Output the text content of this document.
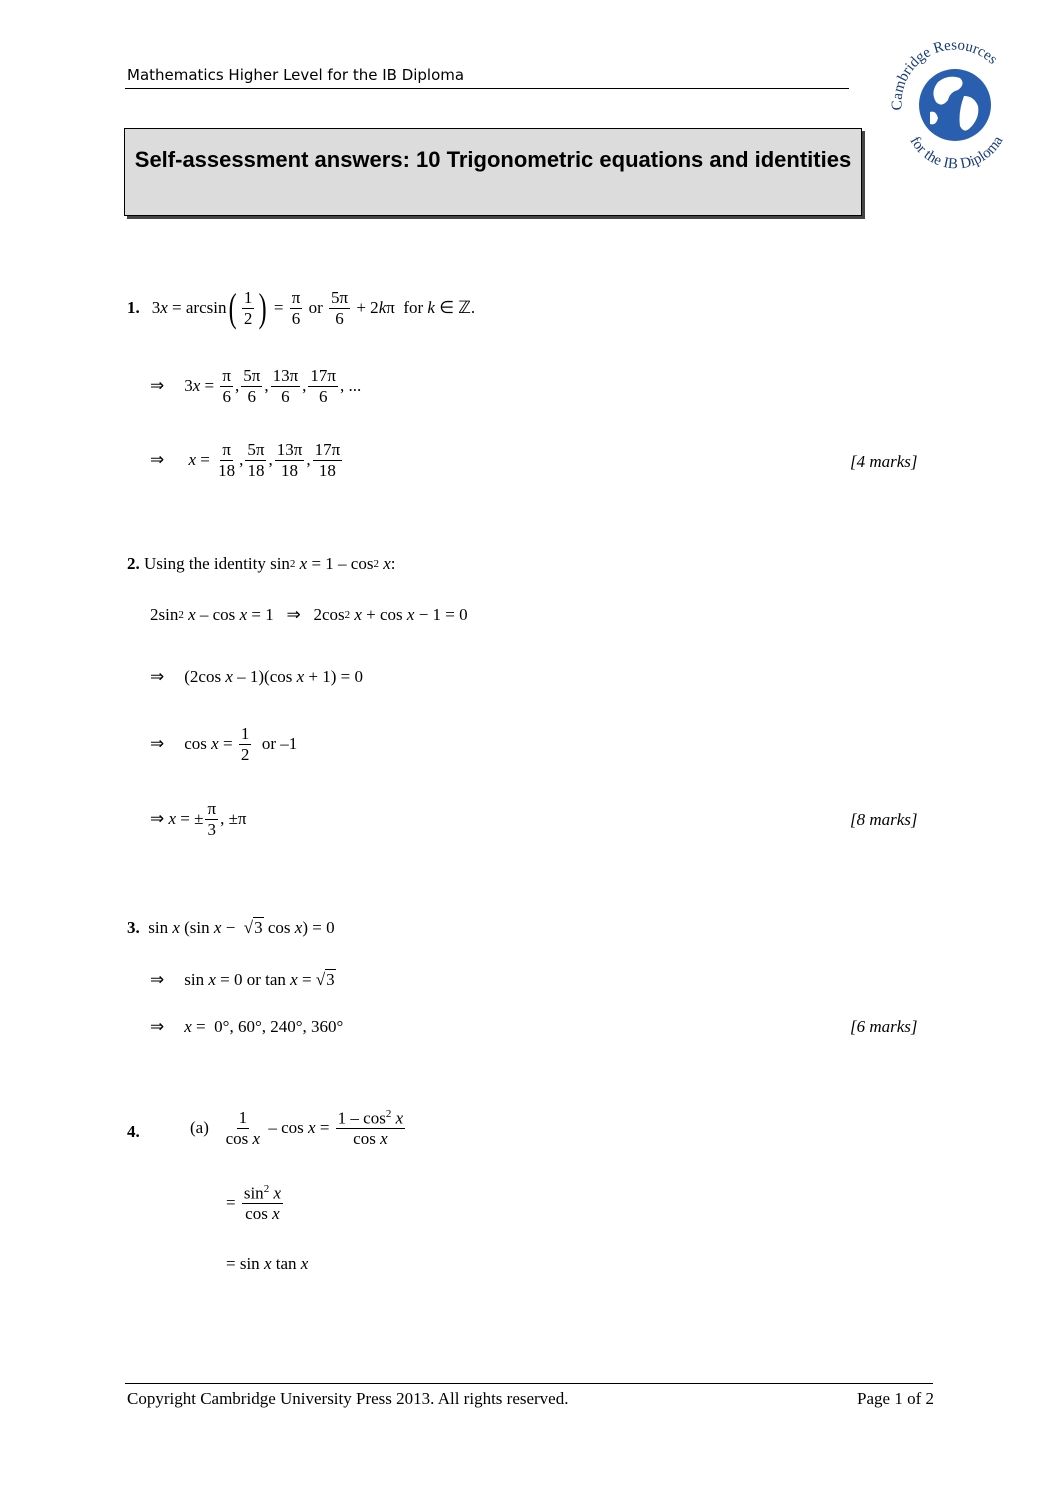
Mathematics Higher Level for the IB Diploma
Cambridge Resources
for the IB Diploma
Self-assessment answers: 10 Trigonometric equations and identities
1. 3 x = arcsin ( $\frac{1}{2}$ ) = $\frac{\pi}{6}$ or $\frac{5\pi}{6} + 2$ k π  for k ∈ ℤ.
⇒ 3 $x = \frac{\pi}{6}$ , $\frac{5\pi}{6}$ , $\frac{13\pi}{6}$ , $\frac{17\pi}{6}$ , ...
⇒
$x = \frac{\pi}{18}$ , $\frac{5\pi}{18}$ , $\frac{13\pi}{18}$ , $\frac{17\pi}{18}$	[4 marks]
2.
Using the identity sin 2
x = 1 – cos 2
x :
2sin 2
x – cos x = 1   ⇒   2cos 2
x + cos x − 1 = 0
⇒ (2cos x – 1)(cos x + 1) = 0
⇒ $\cos x = \frac{1}{2}$ or –1
⇒ x = ± $\frac{\pi}{3}$ , ±π	[8 marks]
3. sin x (sin x − √ 3 cos x ) = 0
⇒ sin x = 0 or tan x = √ 3
⇒ x = 0°, 60°, 240°, 360°	[6 marks]
4.	(a)
$\frac{1}{\text{cos x}} - \cos x = \frac{1 - \cos^2 x}{\text{cos x}}$
= $\frac{\sin^2 x}{\text{cos x}}$
= sin x tan x
Copyright Cambridge University Press 2013. All rights reserved.	Page 1 of 2
